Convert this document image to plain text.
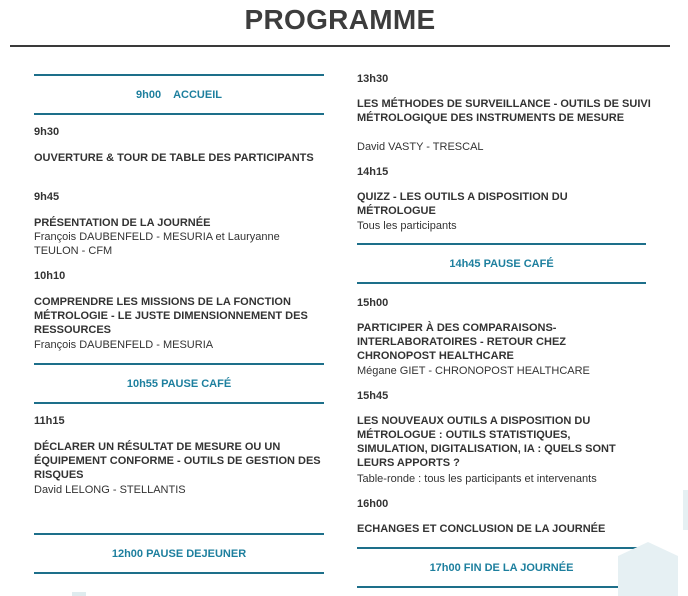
PROGRAMME
9h00 ACCUEIL
9h30
OUVERTURE & TOUR DE TABLE DES PARTICIPANTS
9h45
PRÉSENTATION DE LA JOURNÉE
François DAUBENFELD - MESURIA et Lauryanne TEULON - CFM
10h10
COMPRENDRE LES MISSIONS DE LA FONCTION MÉTROLOGIE - LE JUSTE DIMENSIONNEMENT DES RESSOURCES
François DAUBENFELD - MESURIA
10h55 PAUSE CAFÉ
11h15
DÉCLARER UN RÉSULTAT DE MESURE OU UN ÉQUIPEMENT CONFORME - OUTILS DE GESTION DES RISQUES
David LELONG - STELLANTIS
12h00 PAUSE DEJEUNER
13h30
LES MÉTHODES DE SURVEILLANCE - OUTILS DE SUIVI MÉTROLOGIQUE DES INSTRUMENTS DE MESURE
David VASTY - TRESCAL
14h15
QUIZZ - LES OUTILS A DISPOSITION DU MÉTROLOGUE
Tous les participants
14h45 PAUSE CAFÉ
15h00
PARTICIPER À DES COMPARAISONS-INTERLABORATOIRES - RETOUR CHEZ CHRONOPOST HEALTHCARE
Mégane GIET - CHRONOPOST HEALTHCARE
15h45
LES NOUVEAUX OUTILS A DISPOSITION DU MÉTROLOGUE : OUTILS STATISTIQUES, SIMULATION, DIGITALISATION, IA : QUELS SONT LEURS APPORTS ?
Table-ronde : tous les participants et intervenants
16h00
ECHANGES ET CONCLUSION DE LA JOURNÉE
17h00 FIN DE LA JOURNÉE
